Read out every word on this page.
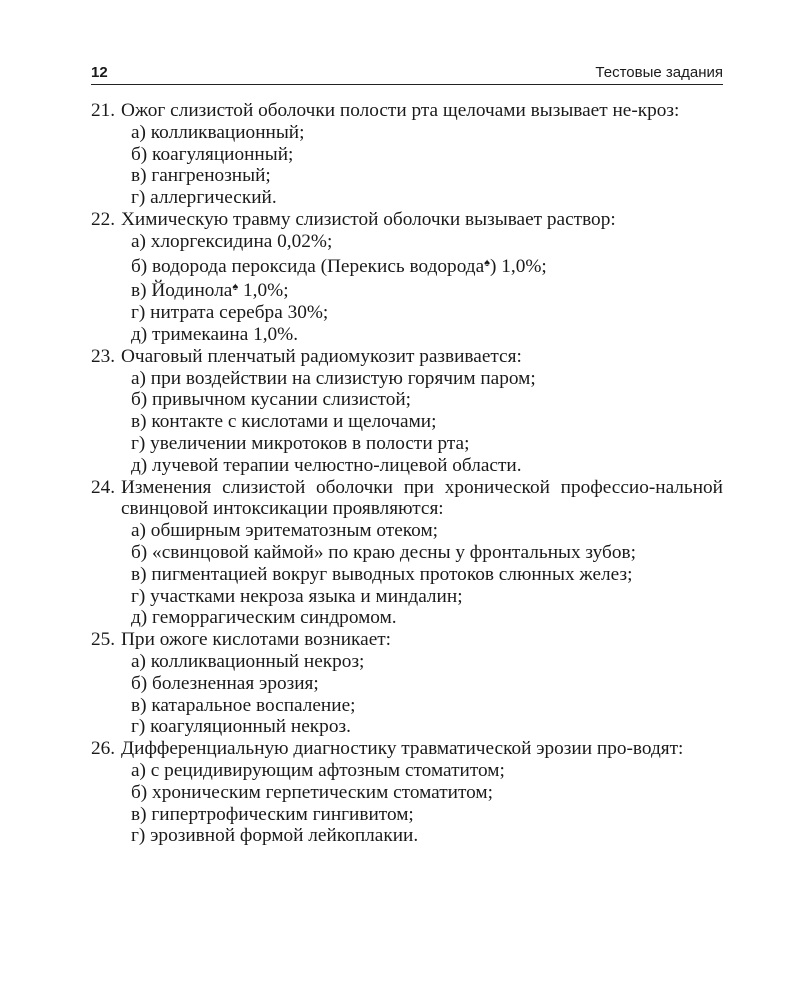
12	Тестовые задания
21. Ожог слизистой оболочки полости рта щелочами вызывает не-кроз:
а) колликвационный;
б) коагуляционный;
в) гангренозный;
г) аллергический.
22. Химическую травму слизистой оболочки вызывает раствор:
а) хлоргексидина 0,02%;
б) водорода пероксида (Перекись водорода♠) 1,0%;
в) Йодинола♠ 1,0%;
г) нитрата серебра 30%;
д) тримекаина 1,0%.
23. Очаговый пленчатый радиомукозит развивается:
а) при воздействии на слизистую горячим паром;
б) привычном кусании слизистой;
в) контакте с кислотами и щелочами;
г) увеличении микротоков в полости рта;
д) лучевой терапии челюстно-лицевой области.
24. Изменения слизистой оболочки при хронической профессио-нальной свинцовой интоксикации проявляются:
а) обширным эритематозным отеком;
б) «свинцовой каймой» по краю десны у фронтальных зубов;
в) пигментацией вокруг выводных протоков слюнных желез;
г) участками некроза языка и миндалин;
д) геморрагическим синдромом.
25. При ожоге кислотами возникает:
а) колликвационный некроз;
б) болезненная эрозия;
в) катаральное воспаление;
г) коагуляционный некроз.
26. Дифференциальную диагностику травматической эрозии про-водят:
а) с рецидивирующим афтозным стоматитом;
б) хроническим герпетическим стоматитом;
в) гипертрофическим гингивитом;
г) эрозивной формой лейкоплакии.
